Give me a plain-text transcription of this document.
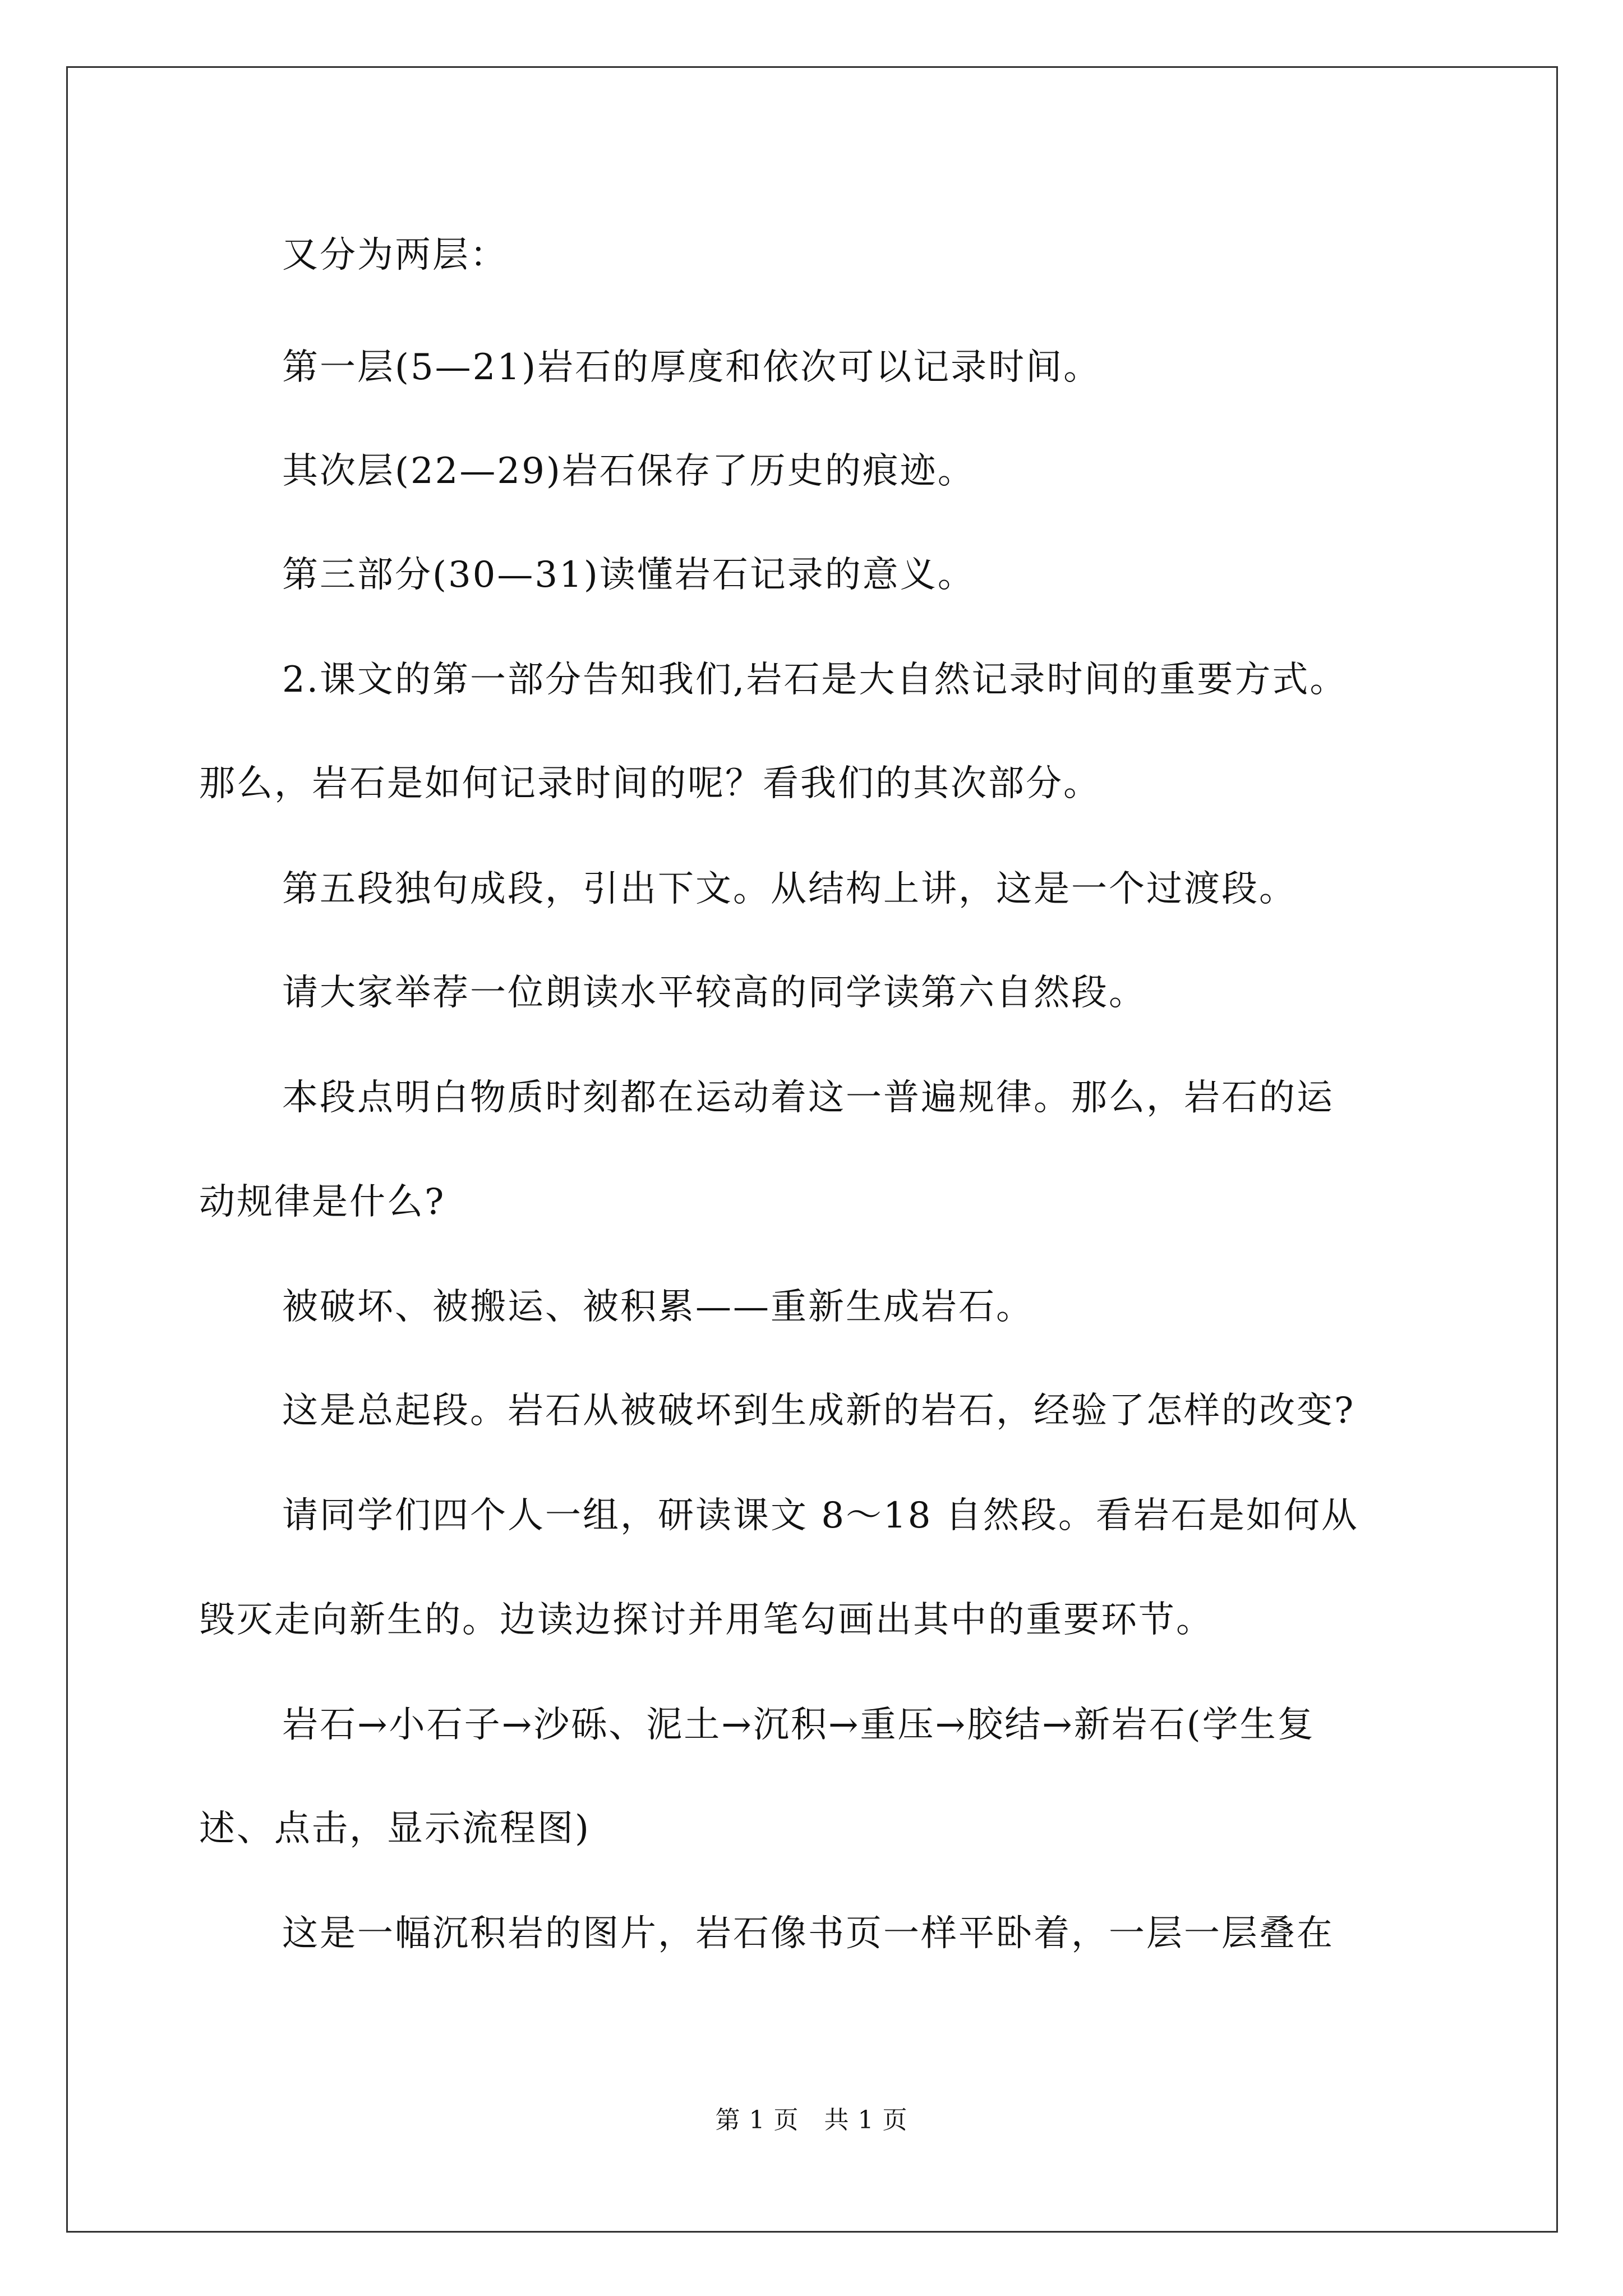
又分为两层：
第一层(5—21)岩石的厚度和依次可以记录时间。
其次层(22—29)岩石保存了历史的痕迹。
第三部分(30—31)读懂岩石记录的意义。
2.课文的第一部分告知我们,岩石是大自然记录时间的重要方式。
那么，岩石是如何记录时间的呢？看我们的其次部分。
第五段独句成段，引出下文。从结构上讲，这是一个过渡段。
请大家举荐一位朗读水平较高的同学读第六自然段。
本段点明白物质时刻都在运动着这一普遍规律。那么，岩石的运
动规律是什么?
被破坏、被搬运、被积累——重新生成岩石。
这是总起段。岩石从被破坏到生成新的岩石，经验了怎样的改变?
请同学们四个人一组，研读课文 8～18 自然段。看岩石是如何从
毁灭走向新生的。边读边探讨并用笔勾画出其中的重要环节。
岩石→小石子→沙砾、泥土→沉积→重压→胶结→新岩石(学生复
述、点击，显示流程图)
这是一幅沉积岩的图片，岩石像书页一样平卧着，一层一层叠在
第 1 页　共 1 页
